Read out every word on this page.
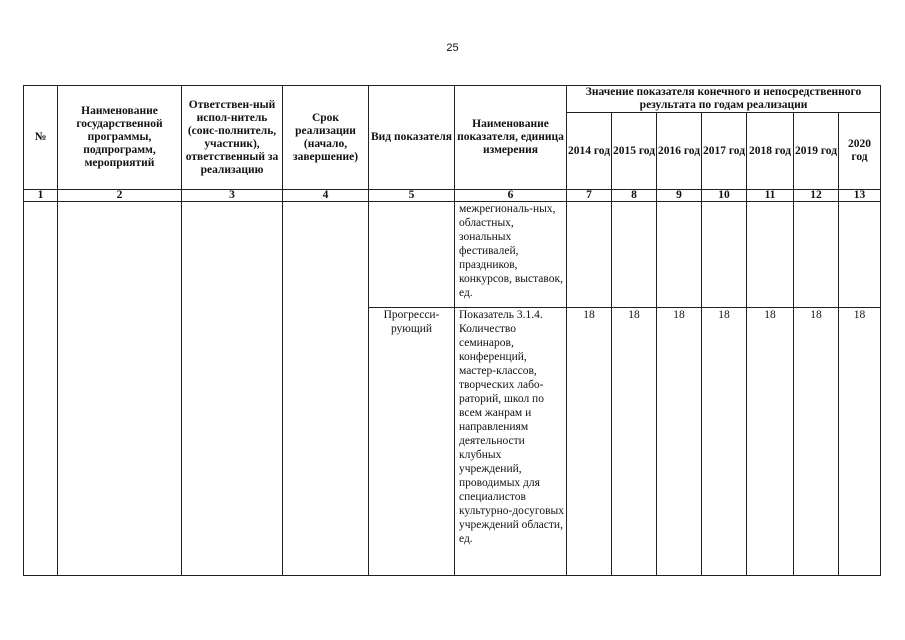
25
№	Наименование государственной программы, подпрограмм, мероприятий	Ответствен-ный испол-нитель (соис-полнитель, участник), ответственный за реализацию	Срок реализации (начало, завершение)	Вид показателя	Наименование показателя, единица измерения	Значение показателя конечного и непосредственного результата по годам реализации						
						2014 год	2015 год	2016 год	2017 год	2018 год	2019 год	2020 год
1	2	3	4	5	6	7	8	9	10	11	12	13
					межрегиональ-ных, областных, зональных фестивалей, праздников, конкурсов, выставок, ед.							
				Прогресси-рующий	Показатель 3.1.4. Количество семинаров, конференций, мастер-классов, творческих лабо-раторий, школ по всем жанрам и направлениям деятельности клубных учреждений, проводимых для специалистов культурно-досуговых учреждений области, ед.	18	18	18	18	18	18	18
